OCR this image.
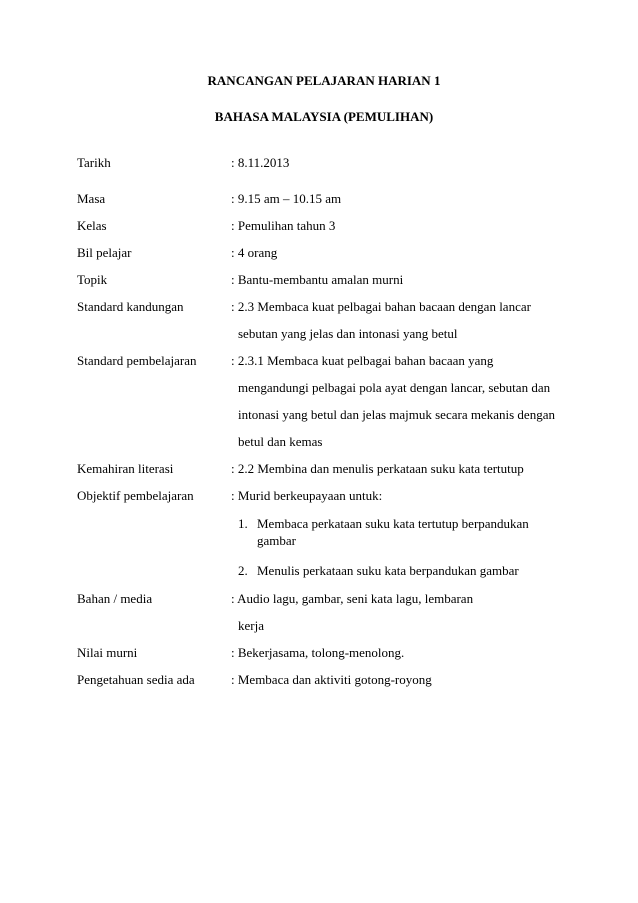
RANCANGAN PELAJARAN HARIAN 1
BAHASA MALAYSIA (PEMULIHAN)
Tarikh	: 8.11.2013
Masa	: 9.15 am – 10.15 am
Kelas	: Pemulihan tahun 3
Bil pelajar	: 4 orang
Topik	: Bantu-membantu amalan murni
Standard kandungan	: 2.3 Membaca kuat pelbagai bahan bacaan dengan lancar
sebutan yang jelas dan intonasi yang betul
Standard pembelajaran	: 2.3.1 Membaca kuat pelbagai bahan bacaan yang
mengandungi pelbagai pola ayat dengan lancar, sebutan dan
intonasi yang betul dan jelas majmuk secara mekanis dengan
betul dan kemas
Kemahiran literasi	: 2.2 Membina dan menulis perkataan suku kata tertutup
Objektif pembelajaran	: Murid berkeupayaan untuk:
1. Membaca perkataan suku kata tertutup berpandukan
gambar
2. Menulis perkataan suku kata berpandukan gambar
Bahan / media	: Audio lagu, gambar, seni kata lagu, lembaran
kerja
Nilai murni	: Bekerjasama, tolong-menolong.
Pengetahuan sedia ada	: Membaca dan aktiviti gotong-royong
